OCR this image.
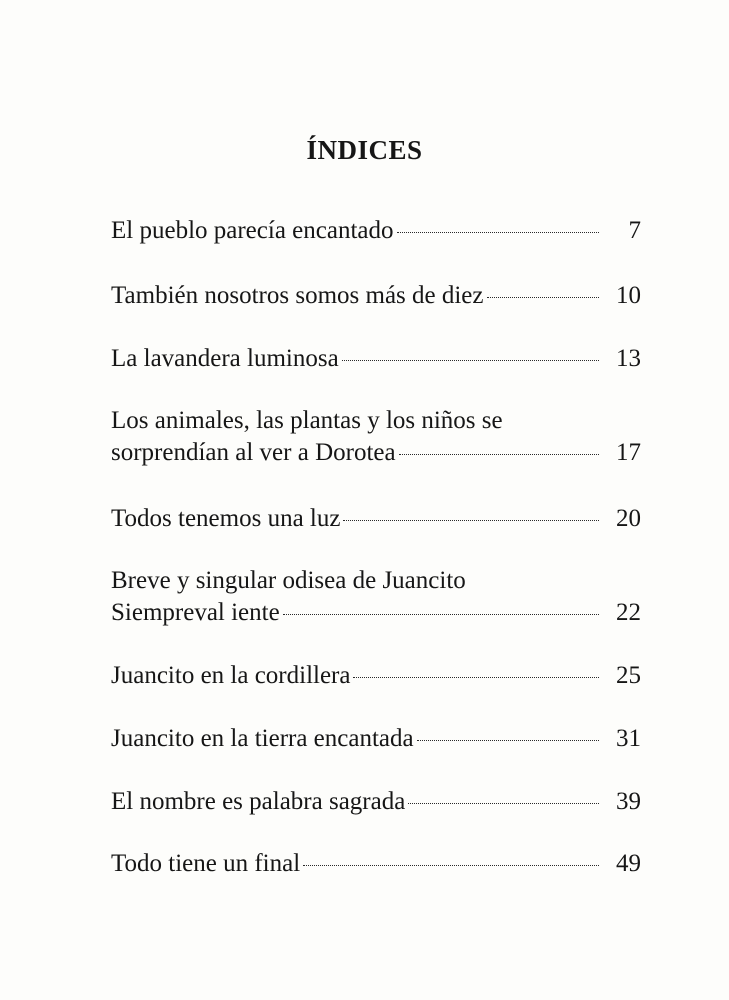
ÍNDICES
El pueblo parecía encantado	7
También nosotros somos más de diez	10
La lavandera luminosa	13
Los animales, las plantas y los niños se
sorprendían al ver a Dorotea	17
Todos tenemos una luz	20
Breve y singular odisea de Juancito
Siempreval iente	22
Juancito en la cordillera	25
Juancito en la tierra encantada	31
El nombre es palabra sagrada	39
Todo tiene un final	49
